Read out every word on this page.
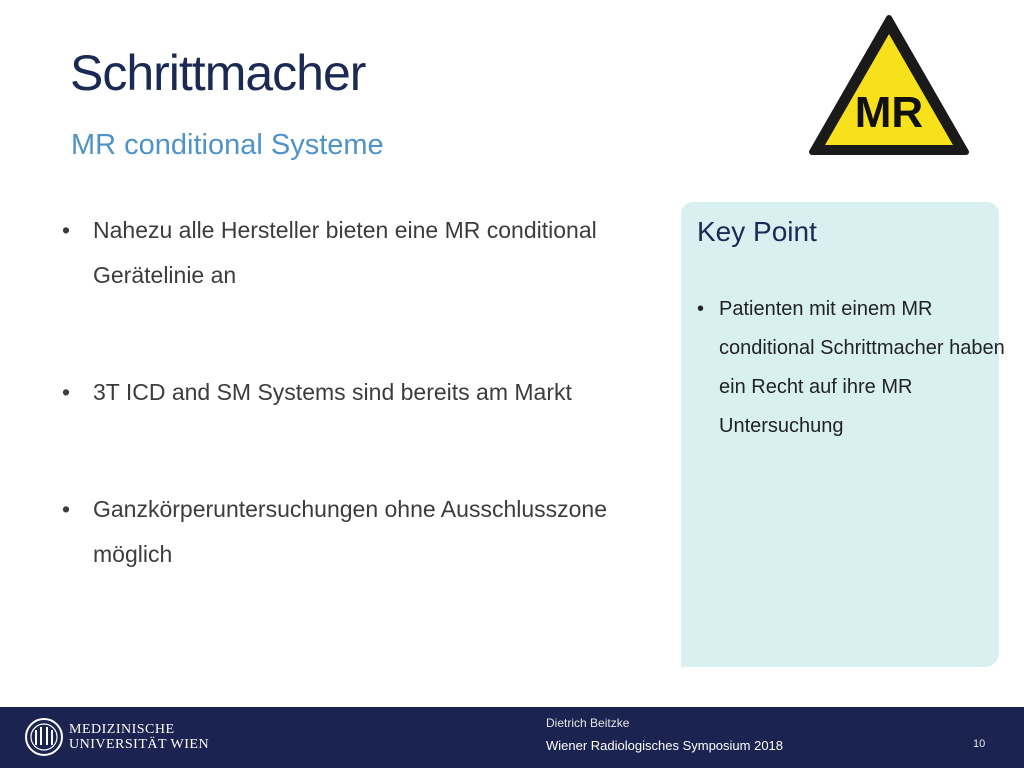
Schrittmacher
MR conditional Systeme
MR
• Nahezu alle Hersteller bieten eine MR conditional Gerätelinie an
• 3T ICD and SM Systems sind bereits am Markt
• Ganzkörperuntersuchungen ohne Ausschlusszone möglich
Key Point
• Patienten mit einem MR conditional Schrittmacher haben ein Recht auf ihre MR Untersuchung
MEDIZINISCHE
UNIVERSITÄT WIEN
Dietrich Beitzke
Wiener Radiologisches Symposium 2018	10
